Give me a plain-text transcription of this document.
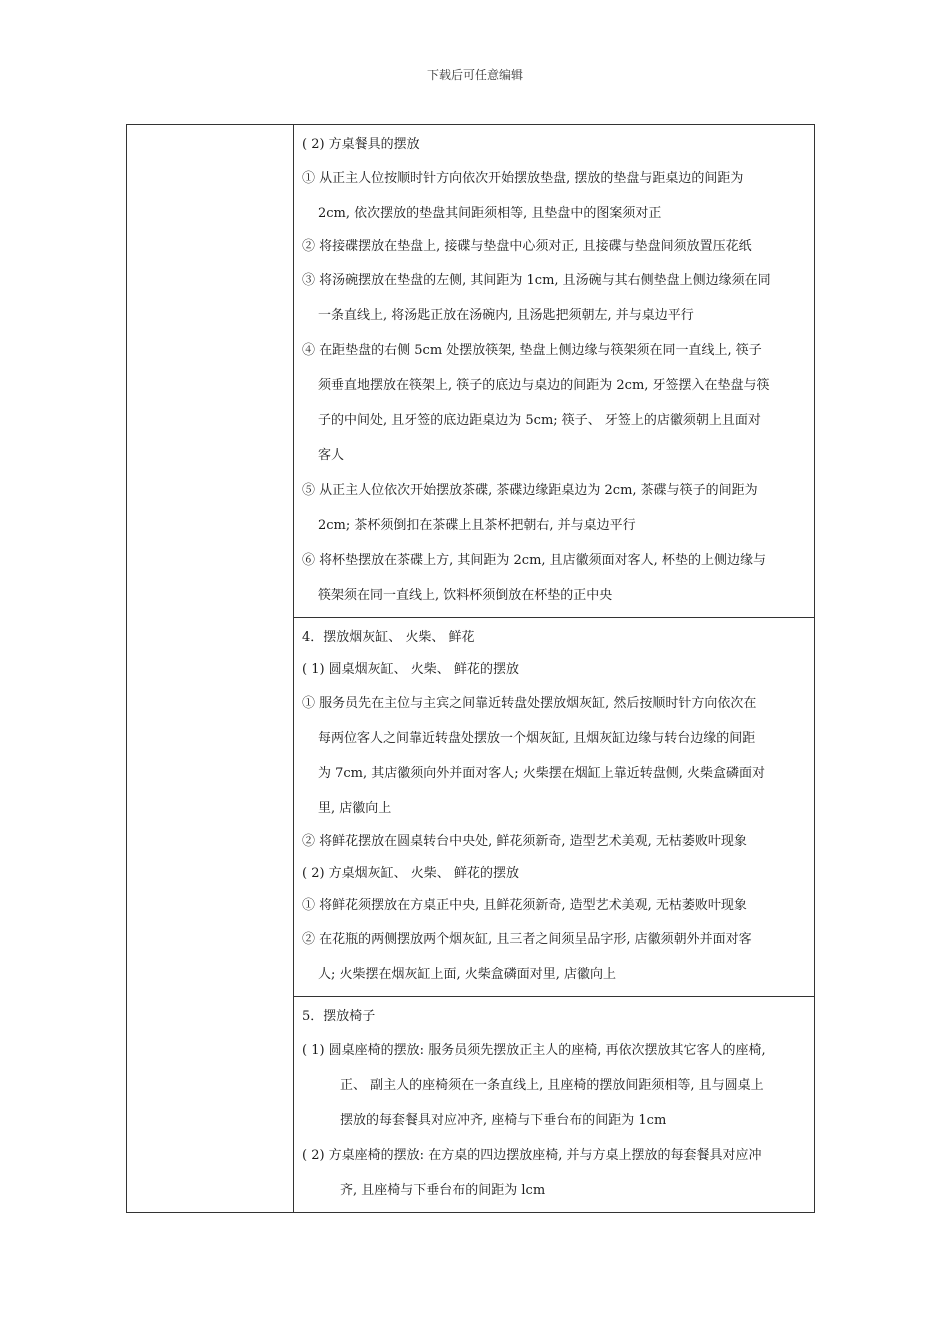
下载后可任意编辑
( 2) 方桌餐具的摆放
① 从正主人位按顺时针方向依次开始摆放垫盘, 摆放的垫盘与距桌边的间距为
2cm, 依次摆放的垫盘其间距须相等, 且垫盘中的图案须对正
② 将接碟摆放在垫盘上, 接碟与垫盘中心须对正, 且接碟与垫盘间须放置压花纸
③ 将汤碗摆放在垫盘的左侧, 其间距为 1cm, 且汤碗与其右侧垫盘上侧边缘须在同
一条直线上, 将汤匙正放在汤碗内, 且汤匙把须朝左, 并与桌边平行
④ 在距垫盘的右侧 5cm 处摆放筷架, 垫盘上侧边缘与筷架须在同一直线上, 筷子
须垂直地摆放在筷架上, 筷子的底边与桌边的间距为 2cm, 牙签摆入在垫盘与筷
子的中间处, 且牙签的底边距桌边为 5cm; 筷子、 牙签上的店徽须朝上且面对
客人
⑤ 从正主人位依次开始摆放茶碟, 茶碟边缘距桌边为 2cm, 茶碟与筷子的间距为
2cm; 茶杯须倒扣在茶碟上且茶杯把朝右, 并与桌边平行
⑥ 将杯垫摆放在茶碟上方, 其间距为 2cm, 且店徽须面对客人, 杯垫的上侧边缘与
筷架须在同一直线上, 饮料杯须倒放在杯垫的正中央
4．摆放烟灰缸、 火柴、 鲜花
( 1) 圆桌烟灰缸、 火柴、 鲜花的摆放
① 服务员先在主位与主宾之间靠近转盘处摆放烟灰缸, 然后按顺时针方向依次在
每两位客人之间靠近转盘处摆放一个烟灰缸, 且烟灰缸边缘与转台边缘的间距
为 7cm, 其店徽须向外并面对客人; 火柴摆在烟缸上靠近转盘侧, 火柴盒磷面对
里, 店徽向上
② 将鲜花摆放在圆桌转台中央处, 鲜花须新奇, 造型艺术美观, 无枯萎败叶现象
( 2) 方桌烟灰缸、 火柴、 鲜花的摆放
① 将鲜花须摆放在方桌正中央, 且鲜花须新奇, 造型艺术美观, 无枯萎败叶现象
② 在花瓶的两侧摆放两个烟灰缸, 且三者之间须呈品字形, 店徽须朝外并面对客
人; 火柴摆在烟灰缸上面, 火柴盒磷面对里, 店徽向上
5．摆放椅子
( 1) 圆桌座椅的摆放: 服务员须先摆放正主人的座椅, 再依次摆放其它客人的座椅,
正、 副主人的座椅须在一条直线上, 且座椅的摆放间距须相等, 且与圆桌上
摆放的每套餐具对应冲齐, 座椅与下垂台布的间距为 1cm
( 2) 方桌座椅的摆放: 在方桌的四边摆放座椅, 并与方桌上摆放的每套餐具对应冲
齐, 且座椅与下垂台布的间距为 lcm
